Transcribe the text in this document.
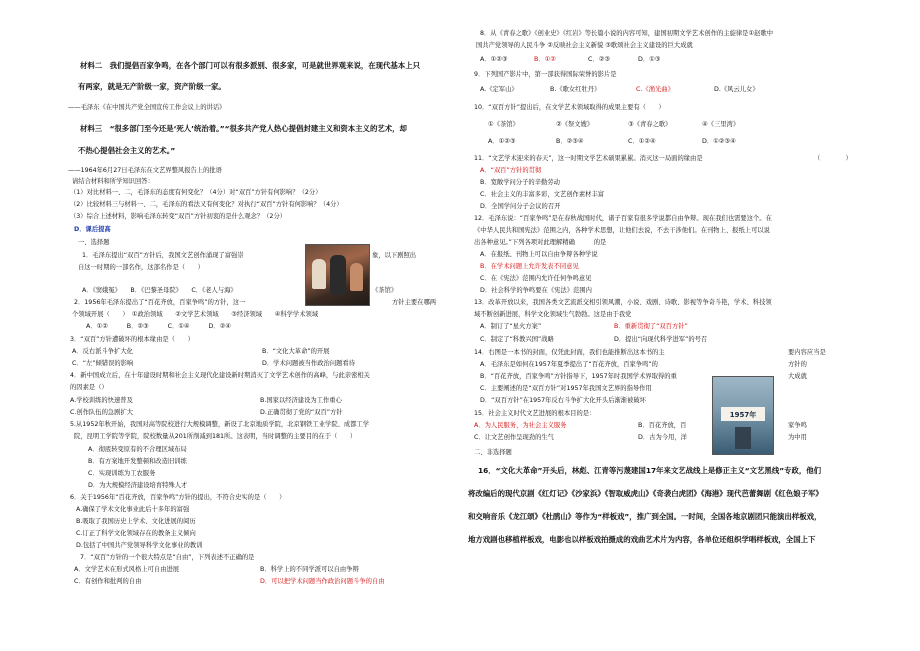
材料二　我们提倡百家争鸣，在各个部门可以有很多派别、很多家，可是就世界观来说，在现代基本上只
有两家，就是无产阶级一家，资产阶级一家。
——毛泽东《在中国共产党全国宣传工作会议上的讲话》
材料三　“很多部门至今还是‘死人’统治着。”“很多共产党人热心提倡封建主义和资本主义的艺术，却
不热心提倡社会主义的艺术。”
——1964年6月27日毛泽东在文艺界整风报告上的批语
请结合材料和所学知识回答：
（1）对比材料一、二，毛泽东的态度有何变化？（4分）对“双百”方针有何影响？（2分）
（2）比较材料三与材料一、二，毛泽东的看法又有何变化？对执行“双百”方针有何影响？（4分）
（3）综合上述材料，影响毛泽东转变“双百”方针初衷的是什么观念？（2分）
D．课后提高
一、选择题
1．毛泽东提出“双百”方针后，我国文艺创作涌现了富强崇	象，以下剧照出
自这一时期的一部名作，这部名作是（　　）
A．《窦娥冤》　　B．《巴黎圣母院》　　C．《老人与海》	《茶馆》
2．1956年毛泽东提出了“百花齐放，百家争鸣”的方针，这一	方针主要在哪两
个领域开展（　　）　①政治领域　　②文学艺术领域　　③经济领域　　④科学学术领域
A．①②　　　B．②③　　　C．①④　　　D．②④
3．“双百”方针遭破坏的根本缘由是（　　）
A．反右派斗争扩大化	B．“文化大革命”的开展
C．“左”倾错误的影响	D．学术问题被当作政治问题看待
4．新中国成立后，在十年建设时期和社会主义现代化建设新时期消灭了文学艺术创作的高峰，与此亲密相关
的因素是（）
A.学校训练的快速普及	B.国家以经济建设为工作重心
C.创作队伍的急剧扩大	D.正确贯彻了党的“双百”方针
5.从1952年秋开始，我国对高等院校进行大规模调整，新设了北京地质学院，北京钢铁工业学院、成都工学
院，昆明工学院等学院，院校数量从201所削减到181所。这表明，当时调整的主要目的在于（　　）
A．彻底转变原有的不合理区域布局
B．有方案地开发整顿和改造旧训练
C．实现训练为工农服务
D．为大规模经济建设培育特殊人才
6．关于1956年“百花齐放，百家争鸣”方针的提出，不符合史实的是（　　）
A.确保了学术文化事业此后十多年的富强
B.吸取了我国历史上学术、文化进展的阅历
C.订正了科学文化领域存在的教条主义倾向
D.包括了中国共产党领导科学文化事业的教训
7．“双百”方针的一个很大特点是“自由”，下列表述不正确的是
A．文学艺术在形式风格上可自由进展	B．科学上的不同学派可以自由争辩
C．有创作和批判的自由	D．可以把学术问题当作政治问题斗争的自由
8．从《青春之歌》《创业史》《红岩》等长篇小说的内容可知，建国初期文学艺术创作的主旋律是①赵歌中
国共产党领导的人民斗争 ②反映社会主义新貌 ③歌颂社会主义建设的巨大成就
A．①②③	B．①②	C．②③	D．①③
9．下列国产影片中，第一部获得国际荣誉的影片是
A.《定军山》	B.《歌女红牡丹》	C.《渔光曲》	D.《风云儿女》
10．“双百方针”提出后，在文学艺术领域取得的成果主要有（　　）
①《茶馆》	②《祭文嫂》	③《青春之歌》	④《三里湾》
A．①②③	B．②③④	C．①②④	D．①②③④
11．“文艺学术迎来的春天”，这一时期文学艺术硕果累累。消灭这一局面的缘由是	（　　　　）
A．“双百”方针的贯彻
B．宽敞学问分子的辛勤劳动
C．社会主义的丰富多彩，文艺创作素材丰富
D．全国学问分子会议的召开
12．毛泽东说：“百家争鸣”是在春秋战国时代，诸子百家有很多学说都自由争辩。现在我们也需要这个。在
《中华人民共和国宪法》范围之内，各种学术思想，让他们去说，不去干涉他们。在刊物上、报纸上可以说
出各种意见。”下列各项对此理解精确　　　的是
A．在报纸、刊物上可以自由争辩各种学说
B．在学术问题上允许发表不同意见
C．在《宪法》范围内允许任何争鸣意见
D．社会科学的争鸣要在《宪法》范围内
13．改革开放以来，我国各类文艺流派交相引领风潮，小说、戏剧、诗歌、影视等争奇斗艳，学术、科技领
域不断创新进展，科学文化领域生气勃勃。这是由于我党
A．制订了“星火方案”	B．重新贯彻了“双百方针”
C．制定了“科教兴国”战略	D．提出“向现代科学进军”的号召
14．右图是一本书的封面，仅凭此封面，我们也能推断出这本书的主	要内容应当是
A．毛泽东是如何在1957年夏季提出了“百花齐放，百家争鸣”的	方针的
B．“百花齐放，百家争鸣”方针指导下，1957年时我国学术界取得的重	大成就
C．主要阐述的是“双百方针”对1957年我国文艺界的指导作用
D．“双百方针”在1957年反右斗争扩大化开头后渐渐被破坏
1957年
15．社会主义时代文艺进展的根本目的是：
A．为人民服务，为社会主义服务	B．百花齐放，百	家争鸣
C．让文艺创作呈现劲的生气	D．古为今用，洋	为中用
二、非选择题
16．“文化大革命”开头后，林彪、江青等污蔑建国17年来文艺战线上是修正主义“文艺黑线”专政，他们
将改编后的现代京剧《红灯记》《沙家浜》《智取威虎山》《奇袭白虎团》《海港》现代芭蕾舞剧《红色娘子军》
和交响音乐《龙江颂》《杜鹃山》等作为“样板戏”，推广到全国。一时间，全国各地京剧团只能演出样板戏，
地方戏剧也移植样板戏，电影也以样板戏拍摄成的戏曲艺术片为内容，各单位还组织学唱样板戏，全国上下
